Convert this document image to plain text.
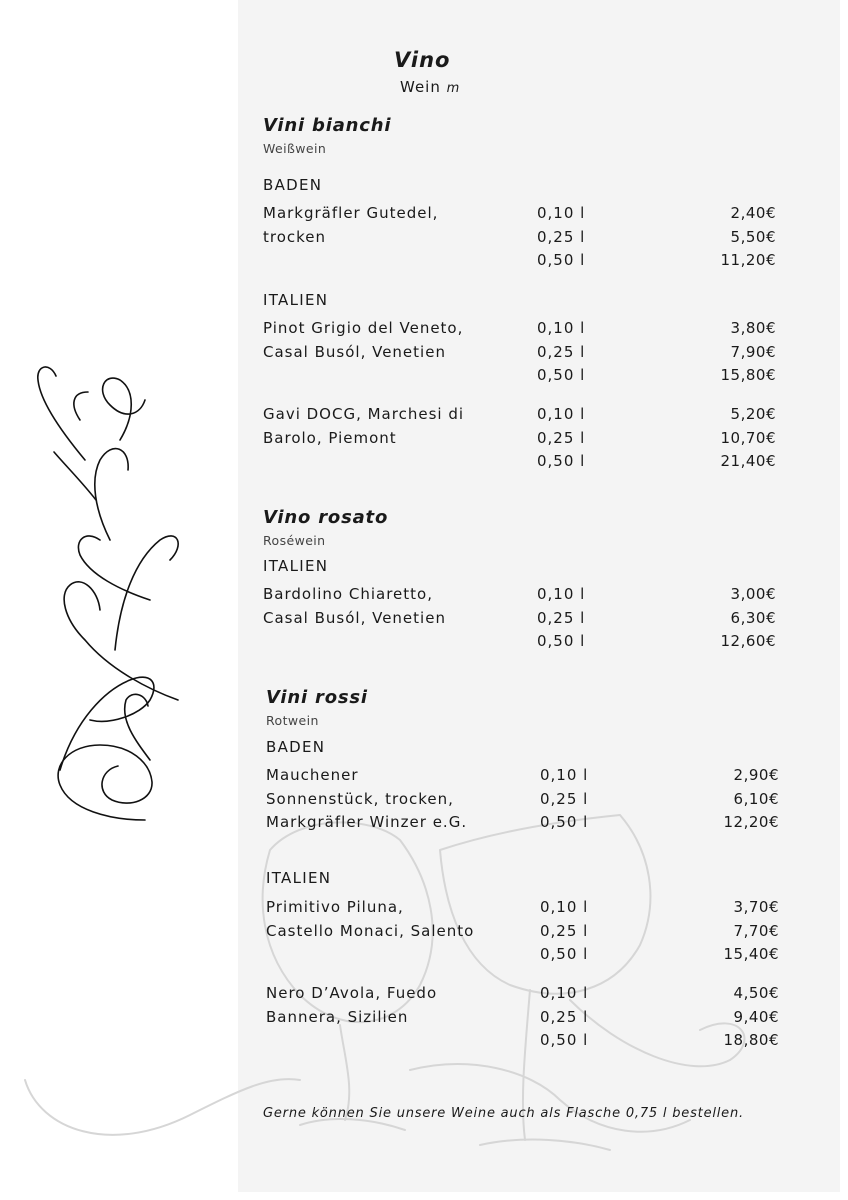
Vino
Wein m
Vini bianchi
Weißwein
BADEN
Markgräfler Gutedel,
trocken
0,10 l
0,25 l
0,50 l
2,40€
5,50€
11,20€
ITALIEN
Pinot Grigio del Veneto,
Casal Busól, Venetien
0,10 l
0,25 l
0,50 l
3,80€
7,90€
15,80€
Gavi DOCG, Marchesi di
Barolo, Piemont
0,10 l
0,25 l
0,50 l
5,20€
10,70€
21,40€
Vino rosato
Roséwein
ITALIEN
Bardolino Chiaretto,
Casal Busól, Venetien
0,10 l
0,25 l
0,50 l
3,00€
6,30€
12,60€
Vini rossi
Rotwein
BADEN
Mauchener
Sonnenstück, trocken,
Markgräfler Winzer e.G.
0,10 l
0,25 l
0,50 l
2,90€
6,10€
12,20€
ITALIEN
Primitivo Piluna,
Castello Monaci, Salento
0,10 l
0,25 l
0,50 l
3,70€
7,70€
15,40€
Nero D’Avola, Fuedo
Bannera, Sizilien
0,10 l
0,25 l
0,50 l
4,50€
9,40€
18,80€
Gerne können Sie unsere Weine auch als Flasche 0,75 l bestellen.
